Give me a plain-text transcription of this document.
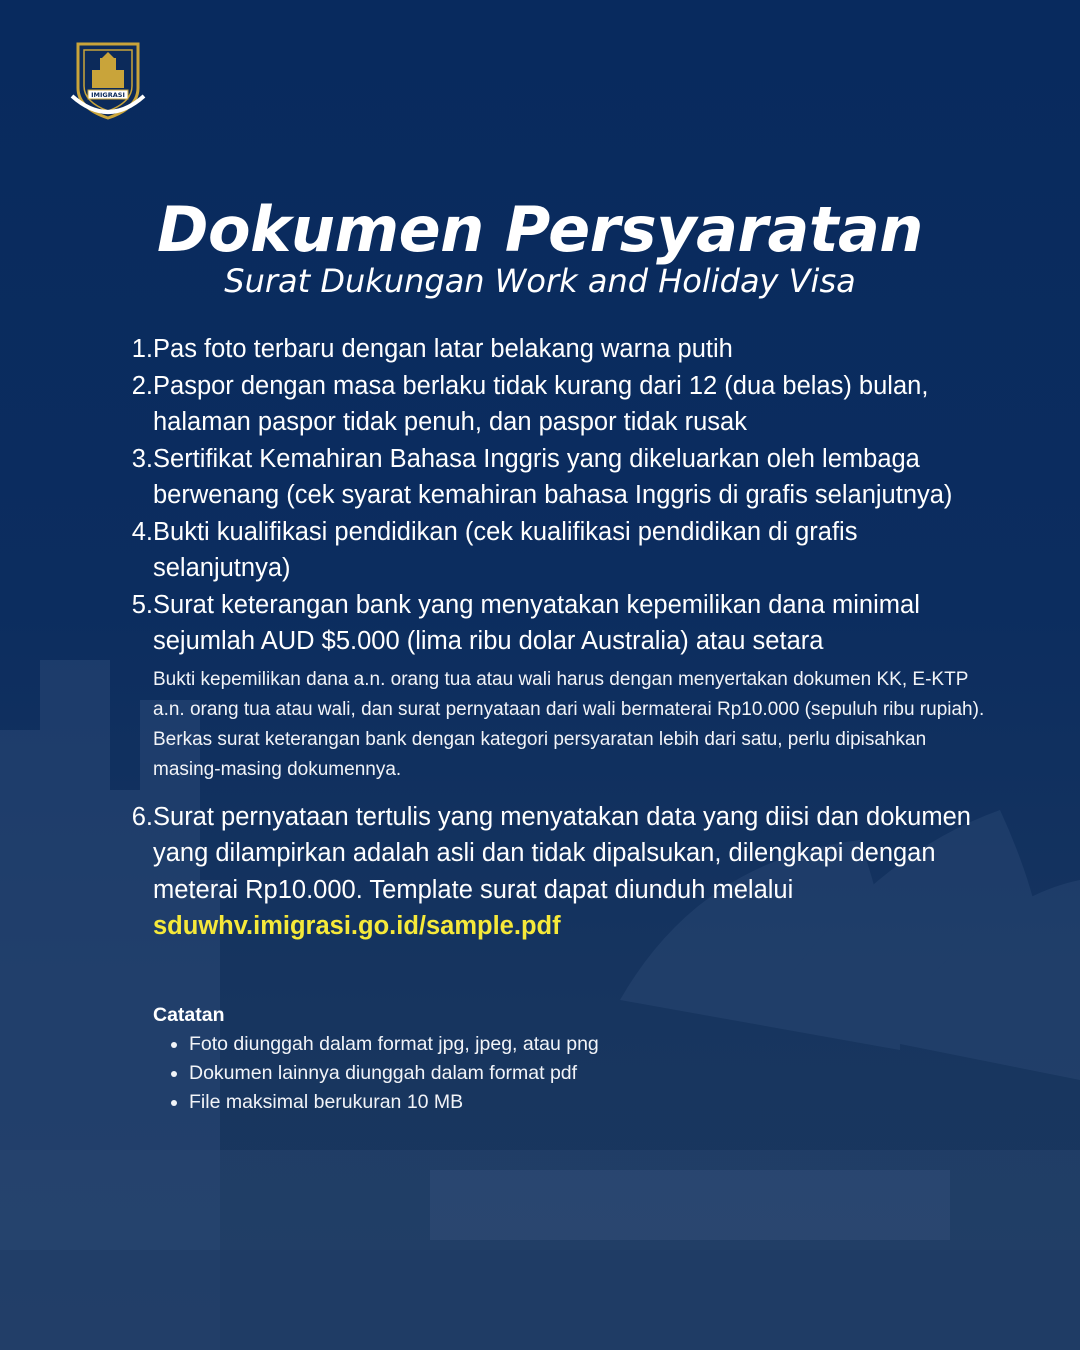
IMIGRASI
Dokumen Persyaratan
Surat Dukungan Work and Holiday Visa
1. Pas foto terbaru dengan latar belakang warna putih
2. Paspor dengan masa berlaku tidak kurang dari 12 (dua belas) bulan, halaman paspor tidak penuh, dan paspor tidak rusak
3. Sertifikat Kemahiran Bahasa Inggris yang dikeluarkan oleh lembaga berwenang (cek syarat kemahiran bahasa Inggris di grafis selanjutnya)
4. Bukti kualifikasi pendidikan (cek kualifikasi pendidikan di grafis selanjutnya)
5. Surat keterangan bank yang menyatakan kepemilikan dana minimal sejumlah AUD $5.000 (lima ribu dolar Australia) atau setara
Bukti kepemilikan dana a.n. orang tua atau wali harus dengan menyertakan dokumen KK, E-KTP a.n. orang tua atau wali, dan surat pernyataan dari wali bermaterai Rp10.000 (sepuluh ribu rupiah). Berkas surat keterangan bank dengan kategori persyaratan lebih dari satu, perlu dipisahkan masing-masing dokumennya.
6. Surat pernyataan tertulis yang menyatakan data yang diisi dan dokumen yang dilampirkan adalah asli dan tidak dipalsukan, dilengkapi dengan meterai Rp10.000. Template surat dapat diunduh melalui  sduwhv.imigrasi.go.id/sample.pdf
Catatan
• Foto diunggah dalam format jpg, jpeg, atau png
• Dokumen lainnya diunggah dalam format pdf
• File maksimal berukuran 10 MB
